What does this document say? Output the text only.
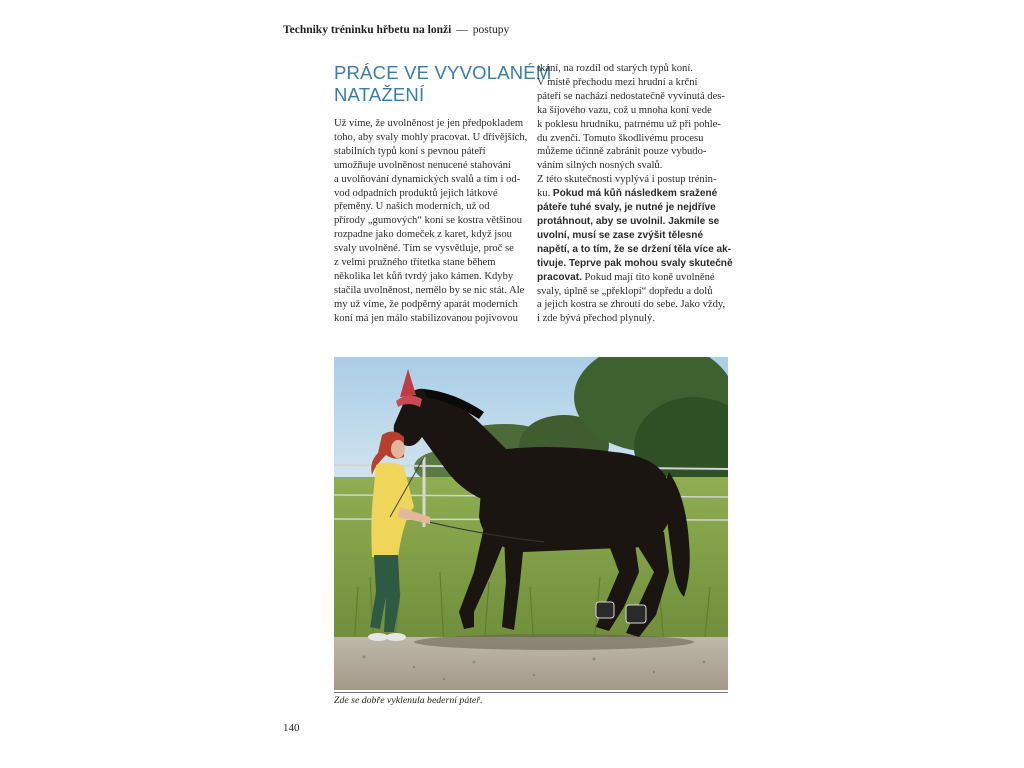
Techniky tréninku hřbetu na lonži — postupy
PRÁCE VE VYVOLANÉM
NATAŽENÍ
Už víme, že uvolněnost je jen předpokladem
toho, aby svaly mohly pracovat. U dřívějších,
stabilních typů koní s pevnou páteří
umožňuje uvolněnost nenucené stahování
a uvolňování dynamických svalů a tím i od-
vod odpadních produktů jejich látkové
přeměny. U našich moderních, už od
přírody „gumových“ koní se kostra většinou
rozpadne jako domeček z karet, když jsou
svaly uvolněné. Tím se vysvětluje, proč se
z velmi pružného třítetka stane během
několika let kůň tvrdý jako kámen. Kdyby
stačila uvolněnost, nemělo by se nic stát. Ale
my už víme, že podpěrný aparát moderních
koní má jen málo stabilizovanou pojivovou
tkání, na rozdíl od starých typů koní.
V místě přechodu mezi hrudní a krční
páteří se nachází nedostatečně vyvinutá des-
ka šíjového vazu, což u mnoha koní vede
k poklesu hrudníku, patrnému už při pohle-
du zvenčí. Tomuto škodlivému procesu
můžeme účinně zabránit pouze vybudo-
váním silných nosných svalů.
Z této skutečnosti vyplývá i postup trénin-
ku. Pokud má kůň následkem sražené
páteře tuhé svaly, je nutné je nejdříve
protáhnout, aby se uvolnil. Jakmile se
uvolní, musí se zase zvýšit tělesné
napětí, a to tím, že se držení těla více ak-
tivuje. Teprve pak mohou svaly skutečně
pracovat. Pokud mají tito koně uvolněné
svaly, úplně se „překlopí“ dopředu a dolů
a jejich kostra se zhroutí do sebe. Jako vždy,
i zde bývá přechod plynulý.
Zde se dobře vyklenula bederní páteř.
140
